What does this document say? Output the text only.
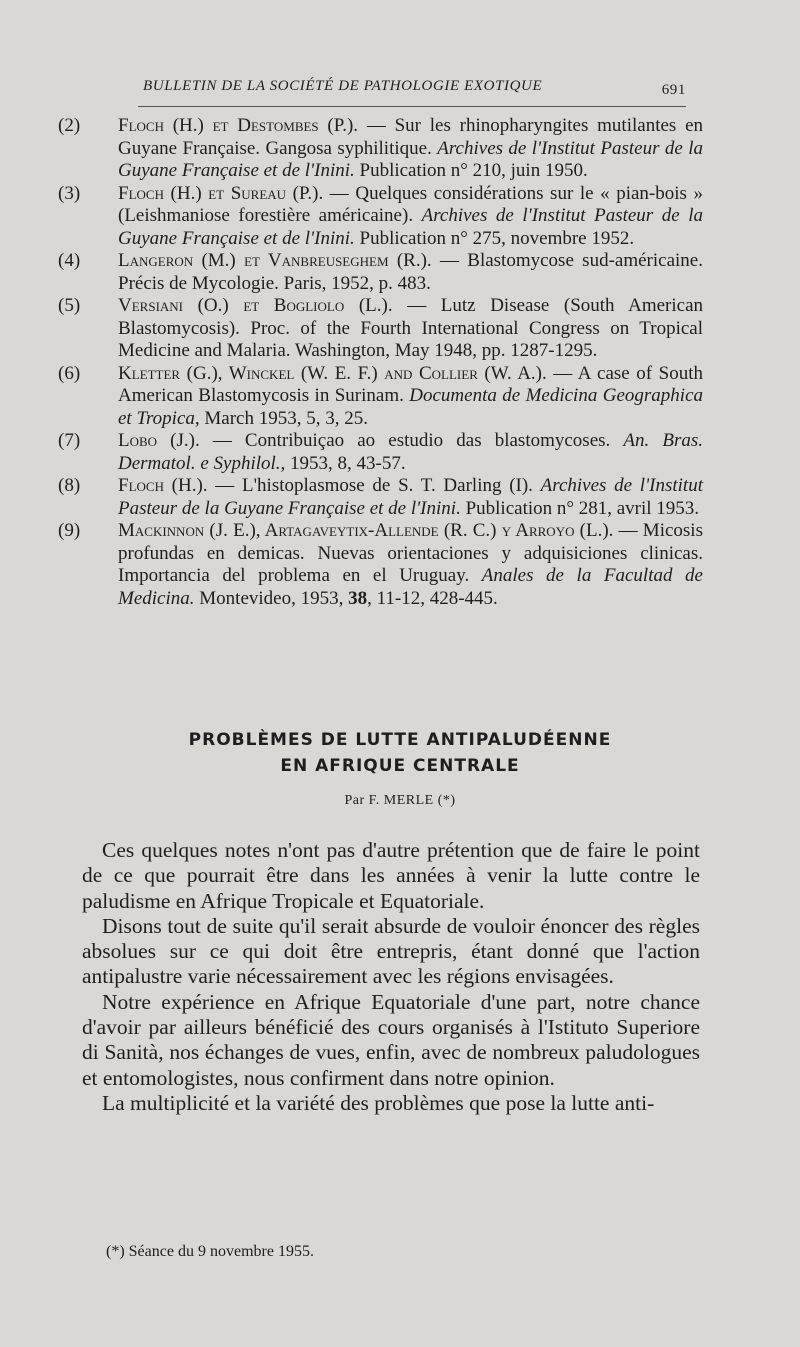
BULLETIN DE LA SOCIÉTÉ DE PATHOLOGIE EXOTIQUE	691
(2)	Floch (H.) et Destombes (P.). — Sur les rhinopharyngites mutilantes en Guyane Française. Gangosa syphilitique. Archives de l'Institut Pasteur de la Guyane Française et de l'Inini. Publication n° 210, juin 1950.
(3)	Floch (H.) et Sureau (P.). — Quelques considérations sur le « pian-bois » (Leishmaniose forestière américaine). Archives de l'Institut Pasteur de la Guyane Française et de l'Inini. Publication n° 275, novembre 1952.
(4)	Langeron (M.) et Vanbreuseghem (R.). — Blastomycose sud-américaine. Précis de Mycologie. Paris, 1952, p. 483.
(5)	Versiani (O.) et Bogliolo (L.). — Lutz Disease (South American Blastomycosis). Proc. of the Fourth International Congress on Tropical Medicine and Malaria. Washington, May 1948, pp. 1287-1295.
(6)	Kletter (G.), Winckel (W. E. F.) and Collier (W. A.). — A case of South American Blastomycosis in Surinam. Documenta de Medicina Geographica et Tropica, March 1953, 5, 3, 25.
(7)	Lobo (J.). — Contribuiçao ao estudio das blastomycoses. An. Bras. Dermatol. e Syphilol., 1953, 8, 43-57.
(8)	Floch (H.). — L'histoplasmose de S. T. Darling (I). Archives de l'Institut Pasteur de la Guyane Française et de l'Inini. Publication n° 281, avril 1953.
(9)	Mackinnon (J. E.), Artagaveytix-Allende (R. C.) y Arroyo (L.). — Micosis profundas en demicas. Nuevas orientaciones y adquisiciones clinicas. Importancia del problema en el Uruguay. Anales de la Facultad de Medicina. Montevideo, 1953, 38, 11-12, 428-445.
PROBLÈMES DE LUTTE ANTIPALUDÉENNE
EN AFRIQUE CENTRALE
Par F. MERLE (*)

Ces quelques notes n'ont pas d'autre prétention que de faire le point de ce que pourrait être dans les années à venir la lutte contre le paludisme en Afrique Tropicale et Equatoriale.

Disons tout de suite qu'il serait absurde de vouloir énoncer des règles absolues sur ce qui doit être entrepris, étant donné que l'action antipalustre varie nécessairement avec les régions envisagées.

Notre expérience en Afrique Equatoriale d'une part, notre chance d'avoir par ailleurs bénéficié des cours organisés à l'Istituto Superiore di Sanità, nos échanges de vues, enfin, avec de nombreux paludologues et entomologistes, nous confirment dans notre opinion.

La multiplicité et la variété des problèmes que pose la lutte anti-

(*) Séance du 9 novembre 1955.
